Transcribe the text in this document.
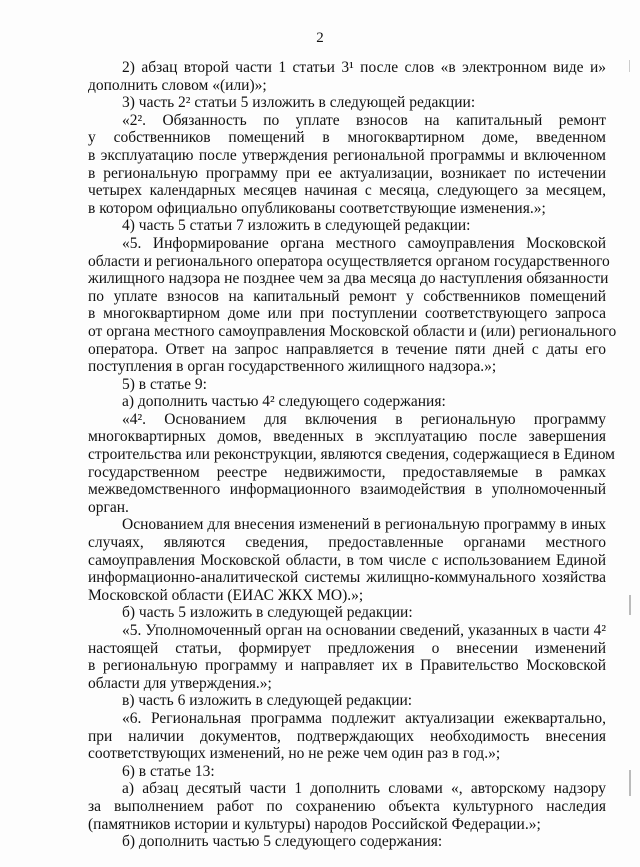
2
2) абзац второй части 1 статьи 3¹ после слов «в электронном виде и»
дополнить словом «(или)»;
3) часть 2² статьи 5 изложить в следующей редакции:
«2². Обязанность по уплате взносов на капитальный ремонт
у собственников помещений в многоквартирном доме, введенном
в эксплуатацию после утверждения региональной программы и включенном
в региональную программу при ее актуализации, возникает по истечении
четырех календарных месяцев начиная с месяца, следующего за месяцем,
в котором официально опубликованы соответствующие изменения.»;
4) часть 5 статьи 7 изложить в следующей редакции:
«5. Информирование органа местного самоуправления Московской
области и регионального оператора осуществляется органом государственного
жилищного надзора не позднее чем за два месяца до наступления обязанности
по уплате взносов на капитальный ремонт у собственников помещений
в многоквартирном доме или при поступлении соответствующего запроса
от органа местного самоуправления Московской области и (или) регионального
оператора. Ответ на запрос направляется в течение пяти дней с даты его
поступления в орган государственного жилищного надзора.»;
5) в статье 9:
а) дополнить частью 4² следующего содержания:
«4². Основанием для включения в региональную программу
многоквартирных домов, введенных в эксплуатацию после завершения
строительства или реконструкции, являются сведения, содержащиеся в Едином
государственном реестре недвижимости, предоставляемые в рамках
межведомственного информационного взаимодействия в уполномоченный
орган.
Основанием для внесения изменений в региональную программу в иных
случаях, являются сведения, предоставленные органами местного
самоуправления Московской области, в том числе с использованием Единой
информационно-аналитической системы жилищно-коммунального хозяйства
Московской области (ЕИАС ЖКХ МО).»;
б) часть 5 изложить в следующей редакции:
«5. Уполномоченный орган на основании сведений, указанных в части 4²
настоящей статьи, формирует предложения о внесении изменений
в региональную программу и направляет их в Правительство Московской
области для утверждения.»;
в) часть 6 изложить в следующей редакции:
«6. Региональная программа подлежит актуализации ежеквартально,
при наличии документов, подтверждающих необходимость внесения
соответствующих изменений, но не реже чем один раз в год.»;
6) в статье 13:
а) абзац десятый части 1 дополнить словами «, авторскому надзору
за выполнением работ по сохранению объекта культурного наследия
(памятников истории и культуры) народов Российской Федерации.»;
б) дополнить частью 5 следующего содержания:
